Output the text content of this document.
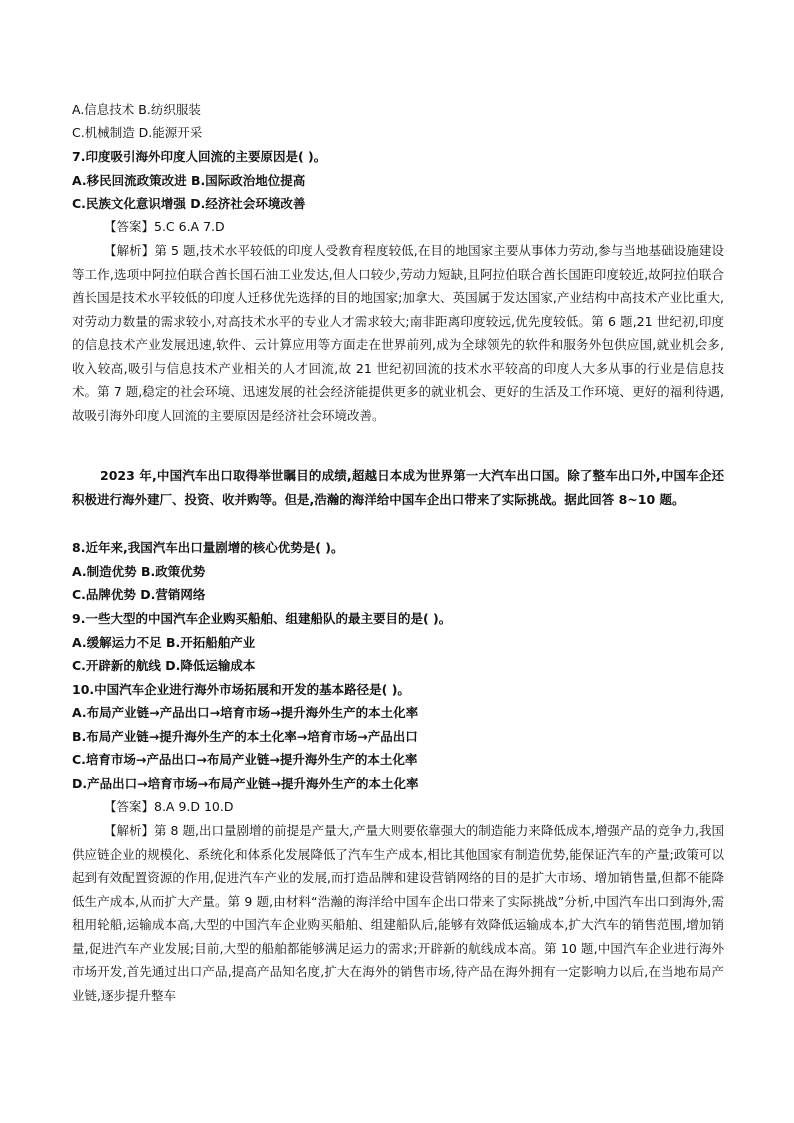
A.信息技术 B.纺织服装
C.机械制造 D.能源开采
7.印度吸引海外印度人回流的主要原因是( )。
A.移民回流政策改进 B.国际政治地位提高
C.民族文化意识增强 D.经济社会环境改善
【答案】5.C 6.A 7.D

【解析】第 5 题,技术水平较低的印度人受教育程度较低,在目的地国家主要从事体力劳动,参与当地基础设施建设等工作,选项中阿拉伯联合酋长国石油工业发达,但人口较少,劳动力短缺,且阿拉伯联合酋长国距印度较近,故阿拉伯联合酋长国是技术水平较低的印度人迁移优先选择的目的地国家;加拿大、英国属于发达国家,产业结构中高技术产业比重大,对劳动力数量的需求较小,对高技术水平的专业人才需求较大;南非距离印度较远,优先度较低。第 6 题,21 世纪初,印度的信息技术产业发展迅速,软件、云计算应用等方面走在世界前列,成为全球领先的软件和服务外包供应国,就业机会多,收入较高,吸引与信息技术产业相关的人才回流,故 21 世纪初回流的技术水平较高的印度人大多从事的行业是信息技术。第 7 题,稳定的社会环境、迅速发展的社会经济能提供更多的就业机会、更好的生活及工作环境、更好的福利待遇,故吸引海外印度人回流的主要原因是经济社会环境改善。

2023 年,中国汽车出口取得举世瞩目的成绩,超越日本成为世界第一大汽车出口国。除了整车出口外,中国车企还积极进行海外建厂、投资、收并购等。但是,浩瀚的海洋给中国车企出口带来了实际挑战。据此回答 8~10 题。

8.近年来,我国汽车出口量剧增的核心优势是( )。
A.制造优势 B.政策优势
C.品牌优势 D.营销网络
9.一些大型的中国汽车企业购买船舶、组建船队的最主要目的是( )。
A.缓解运力不足 B.开拓船舶产业
C.开辟新的航线 D.降低运输成本
10.中国汽车企业进行海外市场拓展和开发的基本路径是( )。
A.布局产业链→产品出口→培育市场→提升海外生产的本土化率
B.布局产业链→提升海外生产的本土化率→培育市场→产品出口
C.培育市场→产品出口→布局产业链→提升海外生产的本土化率
D.产品出口→培育市场→布局产业链→提升海外生产的本土化率
【答案】8.A 9.D 10.D

【解析】第 8 题,出口量剧增的前提是产量大,产量大则要依靠强大的制造能力来降低成本,增强产品的竞争力,我国供应链企业的规模化、系统化和体系化发展降低了汽车生产成本,相比其他国家有制造优势,能保证汽车的产量;政策可以起到有效配置资源的作用,促进汽车产业的发展,而打造品牌和建设营销网络的目的是扩大市场、增加销售量,但都不能降低生产成本,从而扩大产量。第 9 题,由材料“浩瀚的海洋给中国车企出口带来了实际挑战”分析,中国汽车出口到海外,需租用轮船,运输成本高,大型的中国汽车企业购买船舶、组建船队后,能够有效降低运输成本,扩大汽车的销售范围,增加销量,促进汽车产业发展;目前,大型的船舶都能够满足运力的需求;开辟新的航线成本高。第 10 题,中国汽车企业进行海外市场开发,首先通过出口产品,提高产品知名度,扩大在海外的销售市场,待产品在海外拥有一定影响力以后,在当地布局产业链,逐步提升整车
